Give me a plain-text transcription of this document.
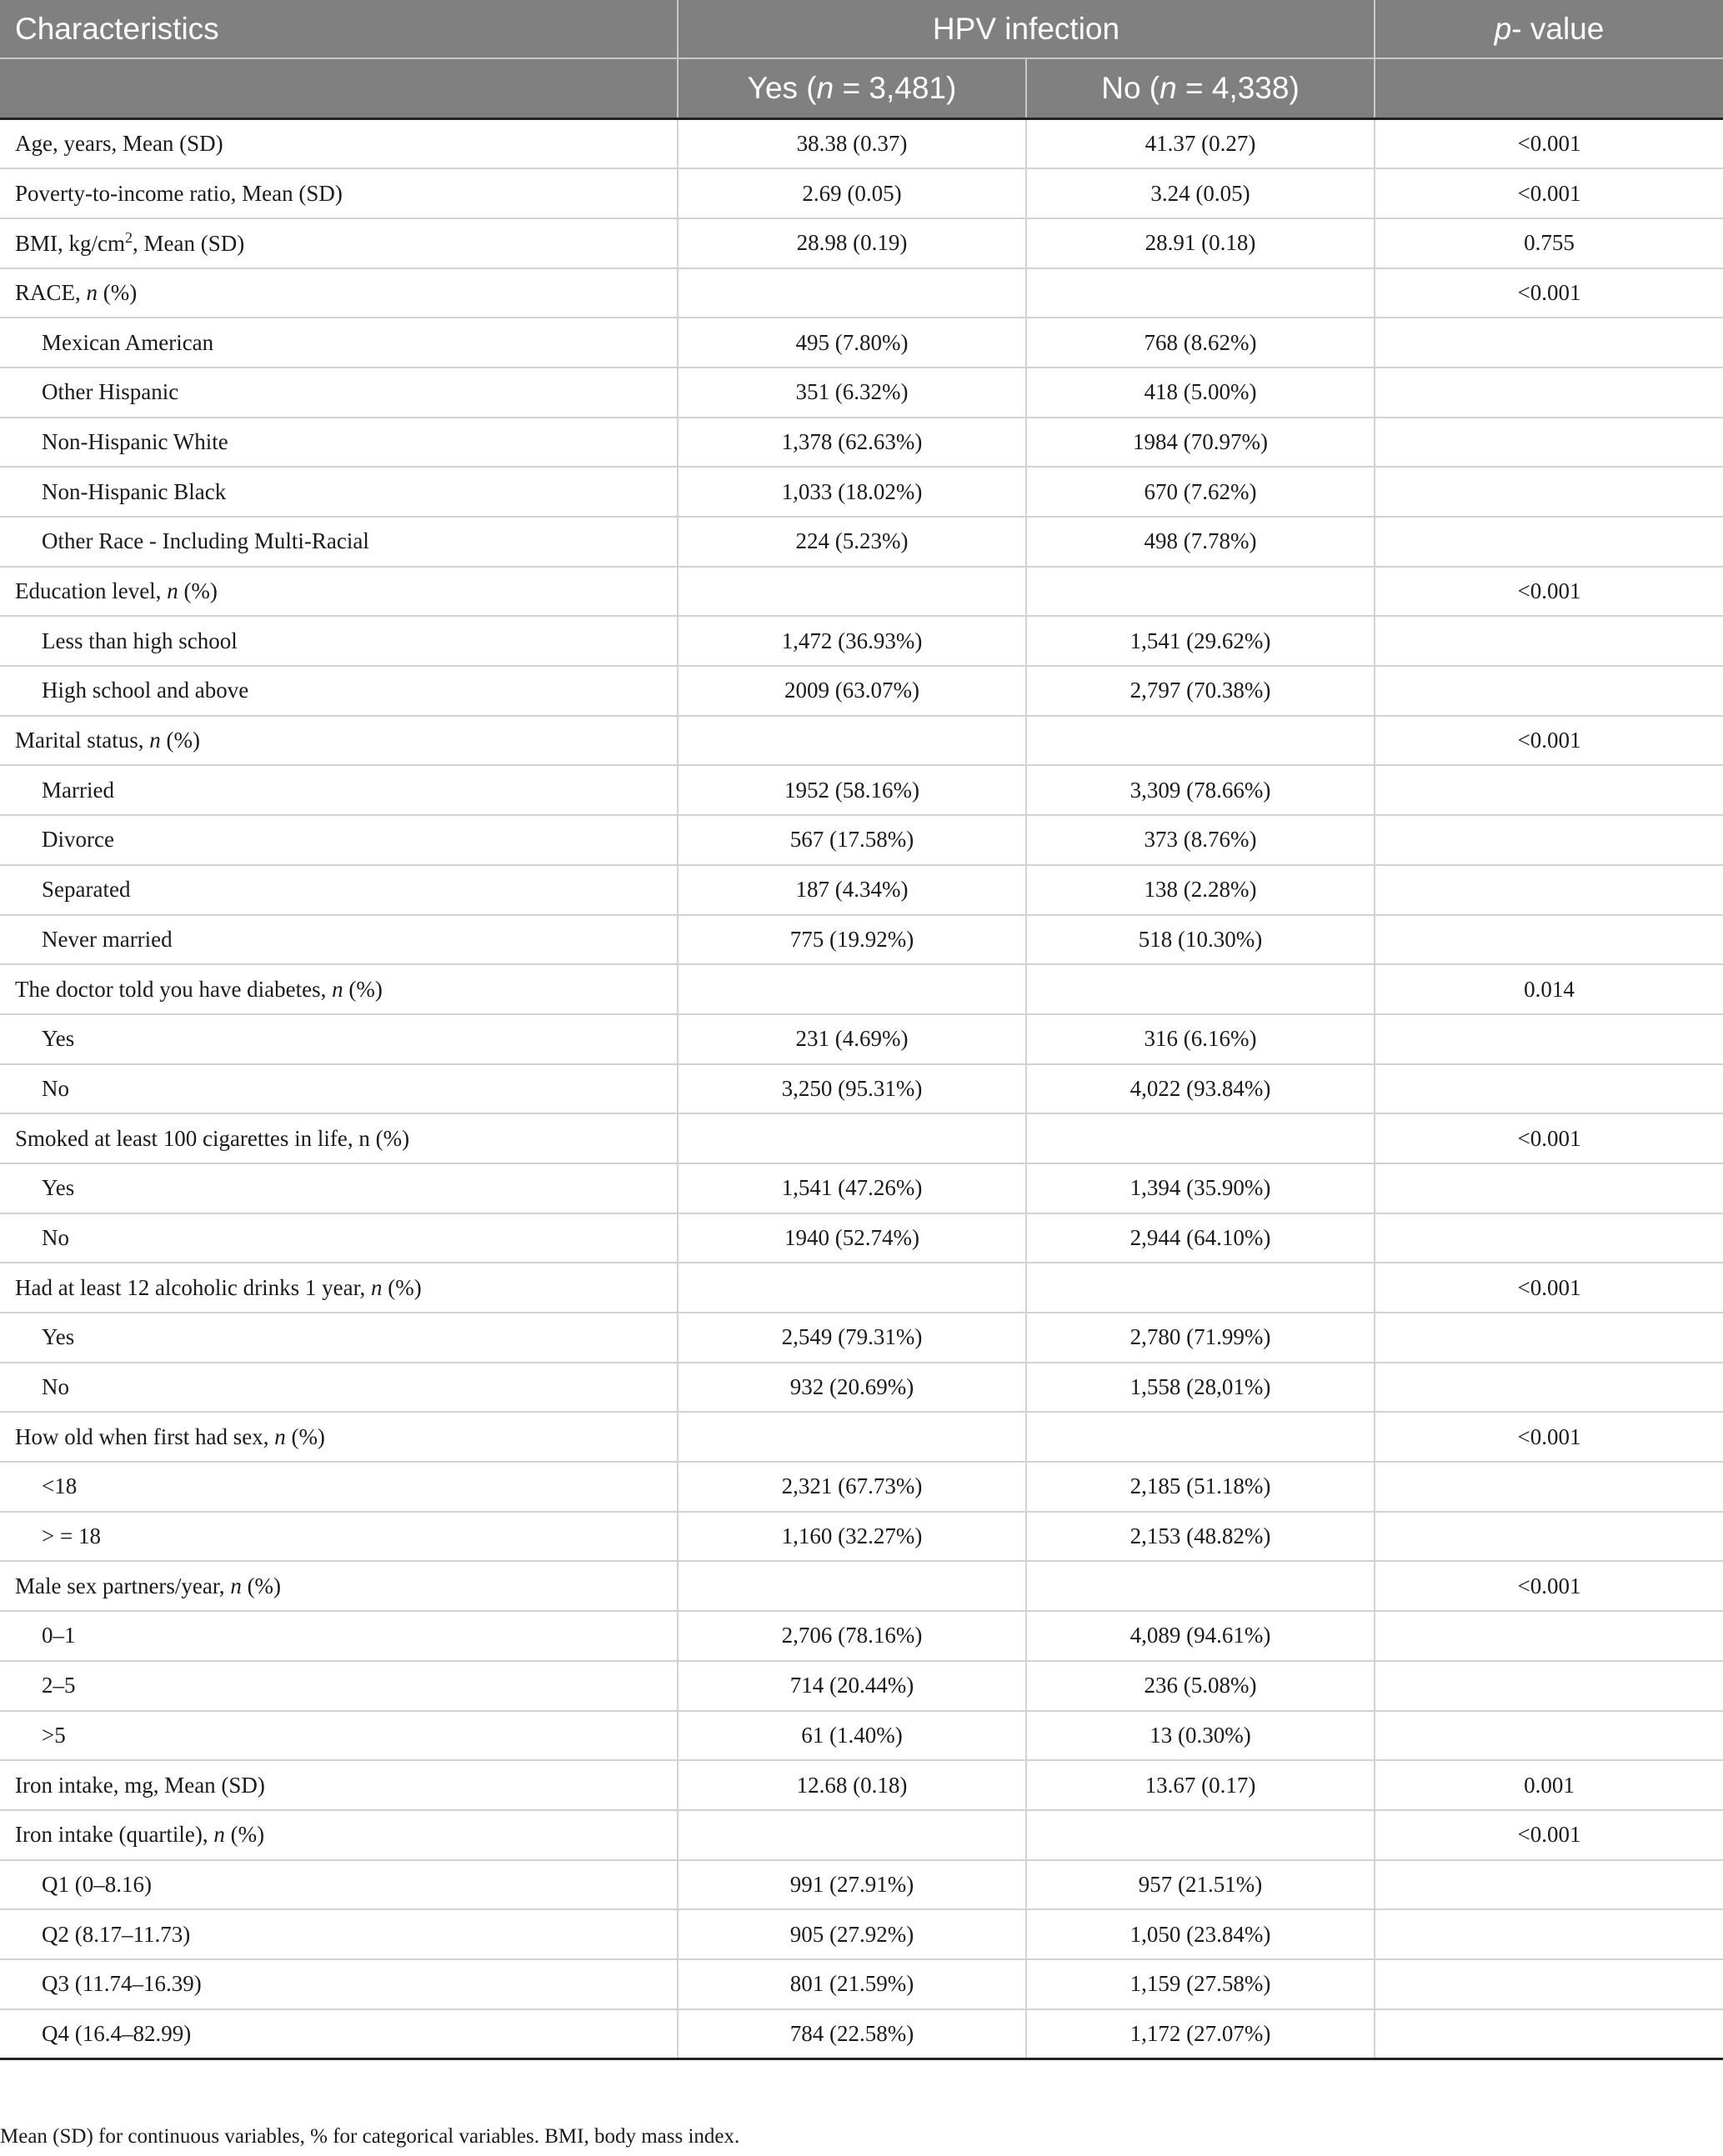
Characteristics	HPV infection		p- value
	Yes (n = 3,481)	No (n = 4,338)	
Age, years, Mean (SD)	38.38 (0.37)	41.37 (0.27)	<0.001
Poverty-to-income ratio, Mean (SD)	2.69 (0.05)	3.24 (0.05)	<0.001
BMI, $kg/cm^2$, Mean (SD)	28.98 (0.19)	28.91 (0.18)	0.755
RACE, n (%)			<0.001
Mexican American	495 (7.80%)	768 (8.62%)	
Other Hispanic	351 (6.32%)	418 (5.00%)	
Non-Hispanic White	1,378 (62.63%)	1984 (70.97%)	
Non-Hispanic Black	1,033 (18.02%)	670 (7.62%)	
Other Race - Including Multi-Racial	224 (5.23%)	498 (7.78%)	
Education level, n (%)			<0.001
Less than high school	1,472 (36.93%)	1,541 (29.62%)	
High school and above	2009 (63.07%)	2,797 (70.38%)	
Marital status, n (%)			<0.001
Married	1952 (58.16%)	3,309 (78.66%)	
Divorce	567 (17.58%)	373 (8.76%)	
Separated	187 (4.34%)	138 (2.28%)	
Never married	775 (19.92%)	518 (10.30%)	
The doctor told you have diabetes, n (%)			0.014
Yes	231 (4.69%)	316 (6.16%)	
No	3,250 (95.31%)	4,022 (93.84%)	
Smoked at least 100 cigarettes in life, n (%)			<0.001
Yes	1,541 (47.26%)	1,394 (35.90%)	
No	1940 (52.74%)	2,944 (64.10%)	
Had at least 12 alcoholic drinks 1 year, n (%)			<0.001
Yes	2,549 (79.31%)	2,780 (71.99%)	
No	932 (20.69%)	1,558 (28,01%)	
How old when first had sex, n (%)			<0.001
<18	2,321 (67.73%)	2,185 (51.18%)	
> = 18	1,160 (32.27%)	2,153 (48.82%)	
Male sex partners/year, n (%)			<0.001
0–1	2,706 (78.16%)	4,089 (94.61%)	
2–5	714 (20.44%)	236 (5.08%)	
>5	61 (1.40%)	13 (0.30%)	
Iron intake, mg, Mean (SD)	12.68 (0.18)	13.67 (0.17)	0.001
Iron intake (quartile), n (%)			<0.001
Q1 (0–8.16)	991 (27.91%)	957 (21.51%)	
Q2 (8.17–11.73)	905 (27.92%)	1,050 (23.84%)	
Q3 (11.74–16.39)	801 (21.59%)	1,159 (27.58%)	
Q4 (16.4–82.99)	784 (22.58%)	1,172 (27.07%)	
Mean (SD) for continuous variables, % for categorical variables. BMI, body mass index.
